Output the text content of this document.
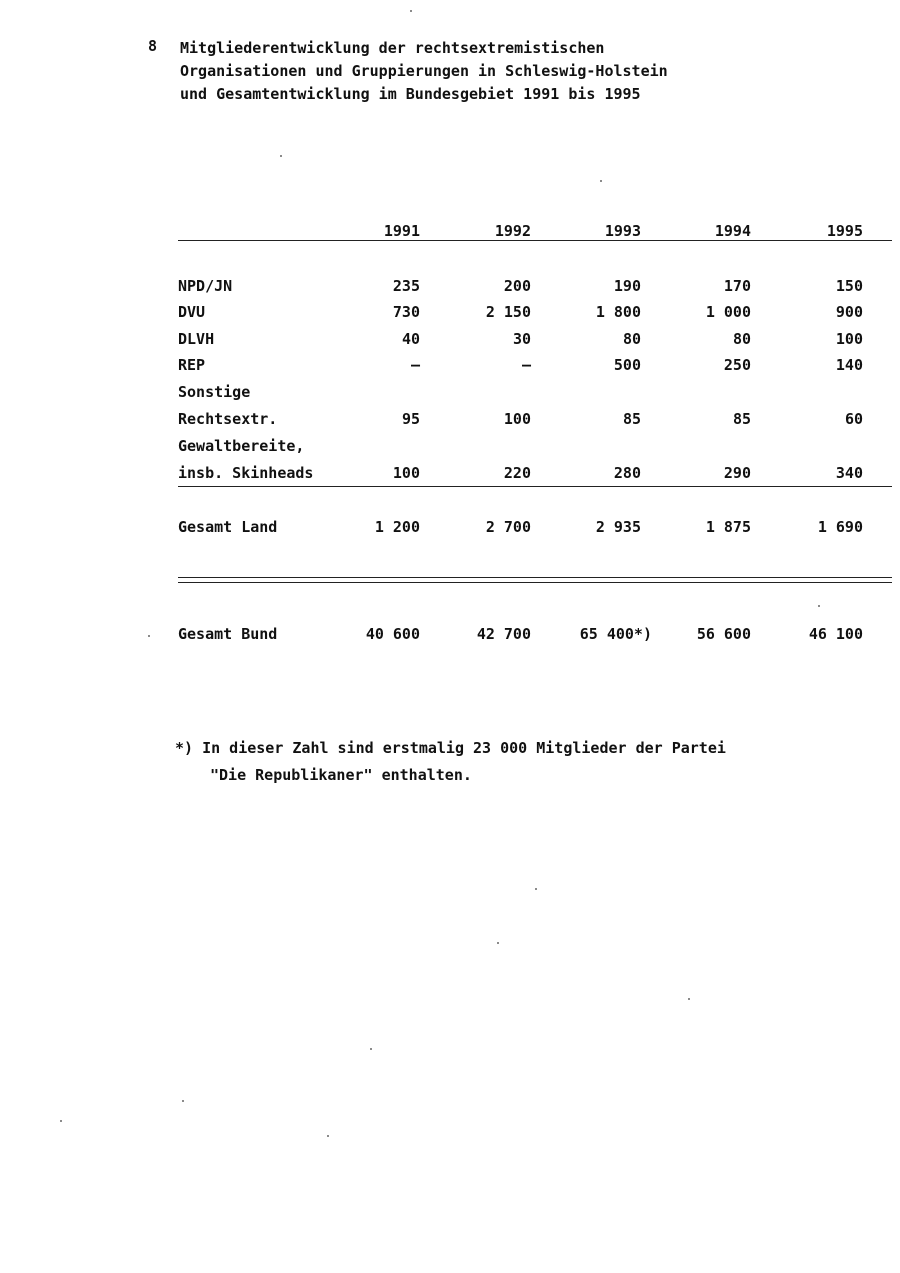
8 Mitgliederentwicklung der rechtsextremistischen
Organisationen und Gruppierungen in Schleswig-Holstein
und Gesamtentwicklung im Bundesgebiet 1991 bis 1995
1991	1992	1993	1994	1995
NPD/JN	235	200	190	170	150
DVU	730	2 150	1 800	1 000	900
DLVH	40	30	80	80	100
REP	–	–	500	250	140
Sonstige
Rechtsextr.	95	100	85	85	60
Gewaltbereite,
insb. Skinheads	100	220	280	290	340
Gesamt Land	1 200	2 700	2 935	1 875	1 690
Gesamt Bund	40 600	42 700	65 400*)	56 600	46 100
*) In dieser Zahl sind erstmalig 23 000 Mitglieder der Partei
"Die Republikaner" enthalten.
